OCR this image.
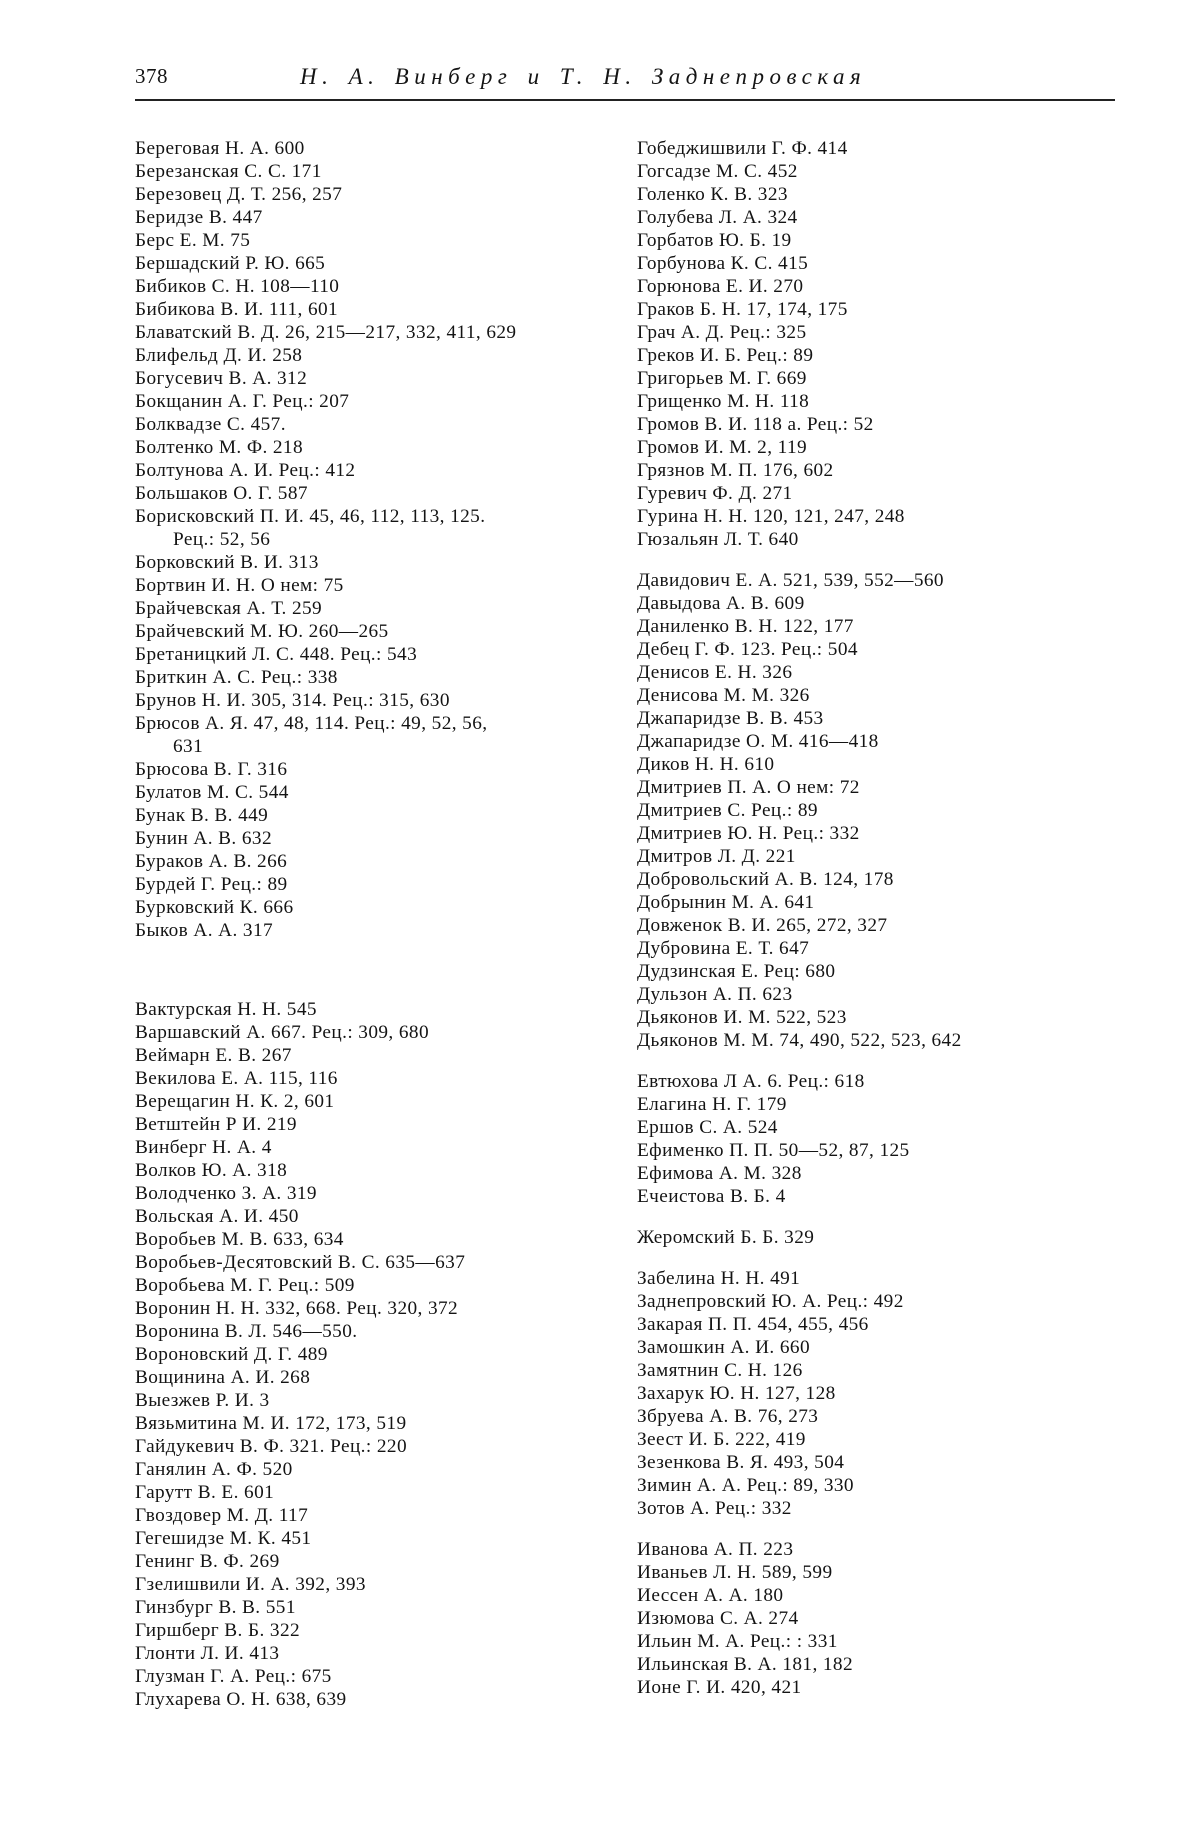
378	Н. А. Винберг и Т. Н. Заднепровская
Береговая Н. А. 600
Березанская С. С. 171
Березовец Д. Т. 256, 257
Беридзе В. 447
Берс Е. М. 75
Бершадский Р. Ю. 665
Бибиков С. Н. 108—110
Бибикова В. И. 111, 601
Блаватский В. Д. 26, 215—217, 332, 411, 629
Блифельд Д. И. 258
Богусевич В. А. 312
Бокщанин А. Г. Рец.: 207
Болквадзе С. 457.
Болтенко М. Ф. 218
Болтунова А. И. Рец.: 412
Большаков О. Г. 587
Борисковский П. И. 45, 46, 112, 113, 125.
Рец.: 52, 56
Борковский В. И. 313
Бортвин И. Н. О нем: 75
Брайчевская А. Т. 259
Брайчевский М. Ю. 260—265
Бретаницкий Л. С. 448. Рец.: 543
Бриткин А. С. Рец.: 338
Брунов Н. И. 305, 314. Рец.: 315, 630
Брюсов А. Я. 47, 48, 114. Рец.: 49, 52, 56,
631
Брюсова В. Г. 316
Булатов М. С. 544
Бунак В. В. 449
Бунин А. В. 632
Бураков А. В. 266
Бурдей Г. Рец.: 89
Бурковский К. 666
Быков А. А. 317
Вактурская Н. Н. 545
Варшавский А. 667. Рец.: 309, 680
Веймарн Е. В. 267
Векилова Е. А. 115, 116
Верещагин Н. К. 2, 601
Ветштейн Р И. 219
Винберг Н. А. 4
Волков Ю. А. 318
Володченко З. А. 319
Вольская А. И. 450
Воробьев М. В. 633, 634
Воробьев-Десятовский В. С. 635—637
Воробьева М. Г. Рец.: 509
Воронин Н. Н. 332, 668. Рец. 320, 372
Воронина В. Л. 546—550.
Вороновский Д. Г. 489
Вощинина А. И. 268
Выезжев Р. И. 3
Вязьмитина М. И. 172, 173, 519
Гайдукевич В. Ф. 321. Рец.: 220
Ганялин А. Ф. 520
Гарутт В. Е. 601
Гвоздовер М. Д. 117
Гегешидзе М. К. 451
Генинг В. Ф. 269
Гзелишвили И. А. 392, 393
Гинзбург В. В. 551
Гиршберг В. Б. 322
Глонти Л. И. 413
Глузман Г. А. Рец.: 675
Глухарева О. Н. 638, 639
Гобеджишвили Г. Ф. 414
Гогсадзе М. С. 452
Голенко К. В. 323
Голубева Л. А. 324
Горбатов Ю. Б. 19
Горбунова К. С. 415
Горюнова Е. И. 270
Граков Б. Н. 17, 174, 175
Грач А. Д. Рец.: 325
Греков И. Б. Рец.: 89
Григорьев М. Г. 669
Грищенко М. Н. 118
Громов В. И. 118 а. Рец.: 52
Громов И. М. 2, 119
Грязнов М. П. 176, 602
Гуревич Ф. Д. 271
Гурина Н. Н. 120, 121, 247, 248
Гюзальян Л. Т. 640
Давидович Е. А. 521, 539, 552—560
Давыдова А. В. 609
Даниленко В. Н. 122, 177
Дебец Г. Ф. 123. Рец.: 504
Денисов Е. Н. 326
Денисова М. М. 326
Джапаридзе В. В. 453
Джапаридзе О. М. 416—418
Диков Н. Н. 610
Дмитриев П. А. О нем: 72
Дмитриев С. Рец.: 89
Дмитриев Ю. Н. Рец.: 332
Дмитров Л. Д. 221
Добровольский А. В. 124, 178
Добрынин М. А. 641
Довженок В. И. 265, 272, 327
Дубровина Е. Т. 647
Дудзинская Е. Рец: 680
Дульзон А. П. 623
Дьяконов И. М. 522, 523
Дьяконов М. М. 74, 490, 522, 523, 642
Евтюхова Л А. 6. Рец.: 618
Елагина Н. Г. 179
Ершов С. А. 524
Ефименко П. П. 50—52, 87, 125
Ефимова А. М. 328
Ечеистова В. Б. 4
Жеромский Б. Б. 329
Забелина Н. Н. 491
Заднепровский Ю. А. Рец.: 492
Закарая П. П. 454, 455, 456
Замошкин А. И. 660
Замятнин С. Н. 126
Захарук Ю. Н. 127, 128
Збруева А. В. 76, 273
Зеест И. Б. 222, 419
Зезенкова В. Я. 493, 504
Зимин А. А. Рец.: 89, 330
Зотов А. Рец.: 332
Иванова А. П. 223
Иваньев Л. Н. 589, 599
Иессен А. А. 180
Изюмова С. А. 274
Ильин М. А. Рец.: : 331
Ильинская В. А. 181, 182
Ионе Г. И. 420, 421
